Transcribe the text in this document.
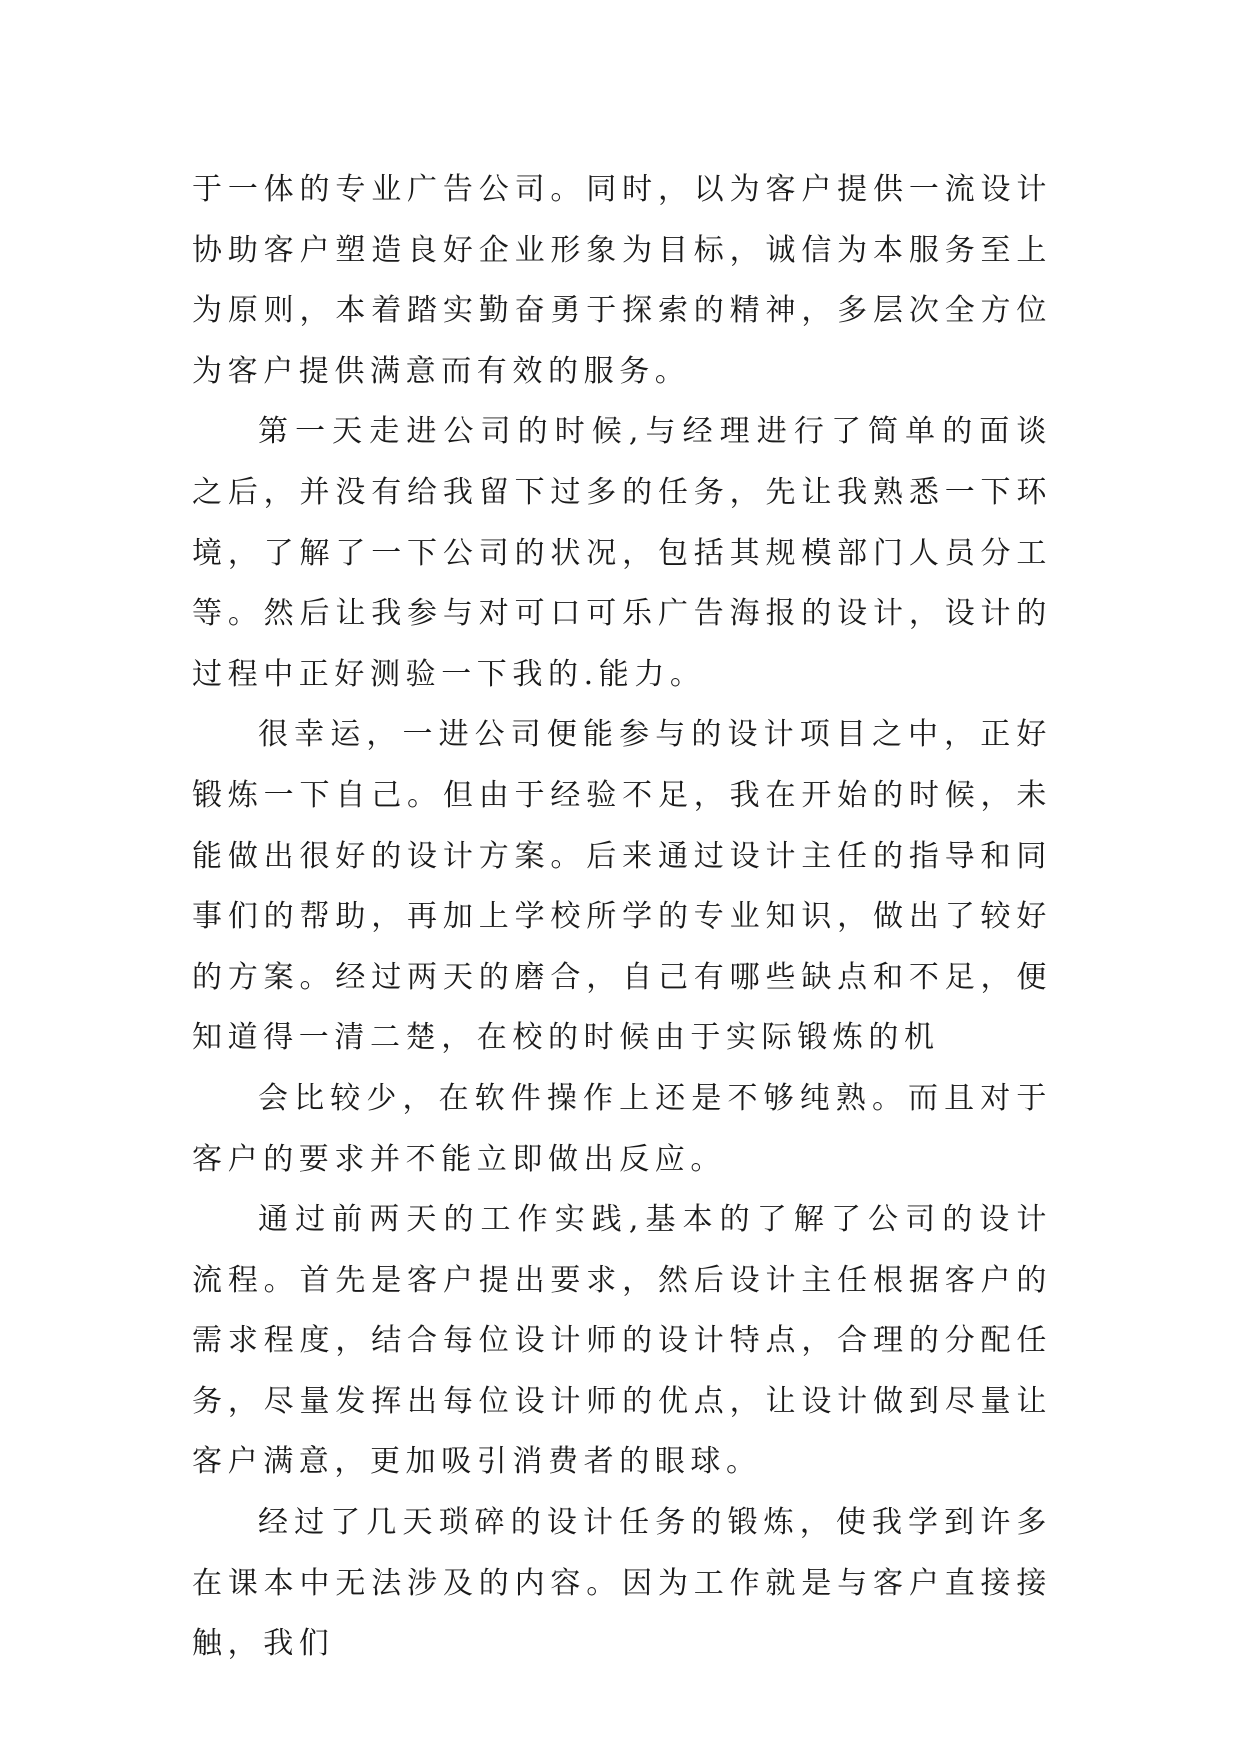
于一体的专业广告公司。同时，以为客户提供一流设计协助客户塑造良好企业形象为目标，诚信为本服务至上为原则，本着踏实勤奋勇于探索的精神，多层次全方位为客户提供满意而有效的服务。

第一天走进公司的时候,与经理进行了简单的面谈之后，并没有给我留下过多的任务，先让我熟悉一下环境，了解了一下公司的状况，包括其规模部门人员分工等。然后让我参与对可口可乐广告海报的设计，设计的过程中正好测验一下我的.能力。

很幸运，一进公司便能参与的设计项目之中，正好锻炼一下自己。但由于经验不足，我在开始的时候，未能做出很好的设计方案。后来通过设计主任的指导和同事们的帮助，再加上学校所学的专业知识，做出了较好的方案。经过两天的磨合，自己有哪些缺点和不足，便知道得一清二楚，在校的时候由于实际锻炼的机

会比较少，在软件操作上还是不够纯熟。而且对于客户的要求并不能立即做出反应。

通过前两天的工作实践,基本的了解了公司的设计流程。首先是客户提出要求，然后设计主任根据客户的需求程度，结合每位设计师的设计特点，合理的分配任务，尽量发挥出每位设计师的优点，让设计做到尽量让客户满意，更加吸引消费者的眼球。

经过了几天琐碎的设计任务的锻炼，使我学到许多在课本中无法涉及的内容。因为工作就是与客户直接接触，我们
